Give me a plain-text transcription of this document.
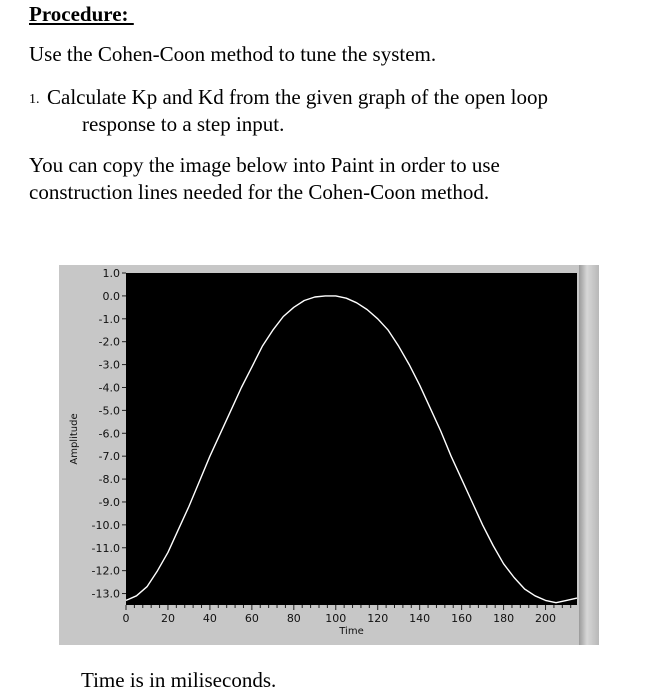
Procedure:

Use the Cohen-Coon method to tune the system.

1. Calculate Kp and Kd from the given graph of the open loop
response to a step input.
You can copy the image below into Paint in order to use
construction lines needed for the Cohen-Coon method.
1.0
0.0
-1.0
-2.0
-3.0
-4.0
-5.0
-6.0
-7.0
-8.0
-9.0
-10.0
-11.0
-12.0
-13.0
0	20	40	60	80 100 120 140 160 180 200
Time
Amplitude
Time is in miliseconds.
